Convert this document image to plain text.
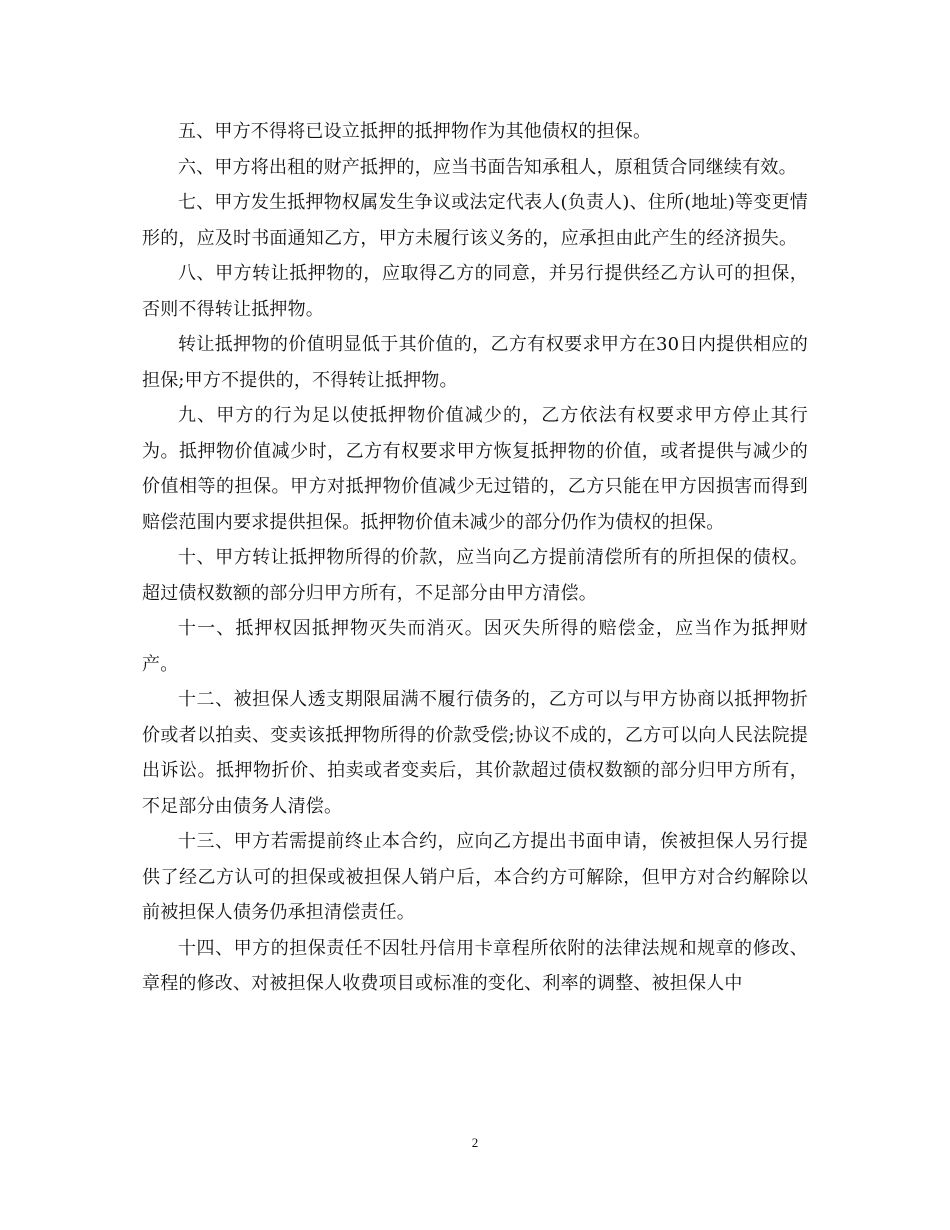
五、甲方不得将已设立抵押的抵押物作为其他债权的担保。

六、甲方将出租的财产抵押的，应当书面告知承租人，原租赁合同继续有效。

七、甲方发生抵押物权属发生争议或法定代表人(负责人)、住所(地址)等变更情形的，应及时书面通知乙方，甲方未履行该义务的，应承担由此产生的经济损失。

八、甲方转让抵押物的，应取得乙方的同意，并另行提供经乙方认可的担保，否则不得转让抵押物。

转让抵押物的价值明显低于其价值的，乙方有权要求甲方在30日内提供相应的担保;甲方不提供的，不得转让抵押物。

九、甲方的行为足以使抵押物价值减少的，乙方依法有权要求甲方停止其行为。抵押物价值减少时，乙方有权要求甲方恢复抵押物的价值，或者提供与减少的价值相等的担保。甲方对抵押物价值减少无过错的，乙方只能在甲方因损害而得到赔偿范围内要求提供担保。抵押物价值未减少的部分仍作为债权的担保。

十、甲方转让抵押物所得的价款，应当向乙方提前清偿所有的所担保的债权。超过债权数额的部分归甲方所有，不足部分由甲方清偿。

十一、抵押权因抵押物灭失而消灭。因灭失所得的赔偿金，应当作为抵押财产。

十二、被担保人透支期限届满不履行债务的，乙方可以与甲方协商以抵押物折价或者以拍卖、变卖该抵押物所得的价款受偿;协议不成的，乙方可以向人民法院提出诉讼。抵押物折价、拍卖或者变卖后，其价款超过债权数额的部分归甲方所有，不足部分由债务人清偿。

十三、甲方若需提前终止本合约，应向乙方提出书面申请，俟被担保人另行提供了经乙方认可的担保或被担保人销户后，本合约方可解除，但甲方对合约解除以前被担保人债务仍承担清偿责任。

十四、甲方的担保责任不因牡丹信用卡章程所依附的法律法规和规章的修改、章程的修改、对被担保人收费项目或标准的变化、利率的调整、被担保人中

2
